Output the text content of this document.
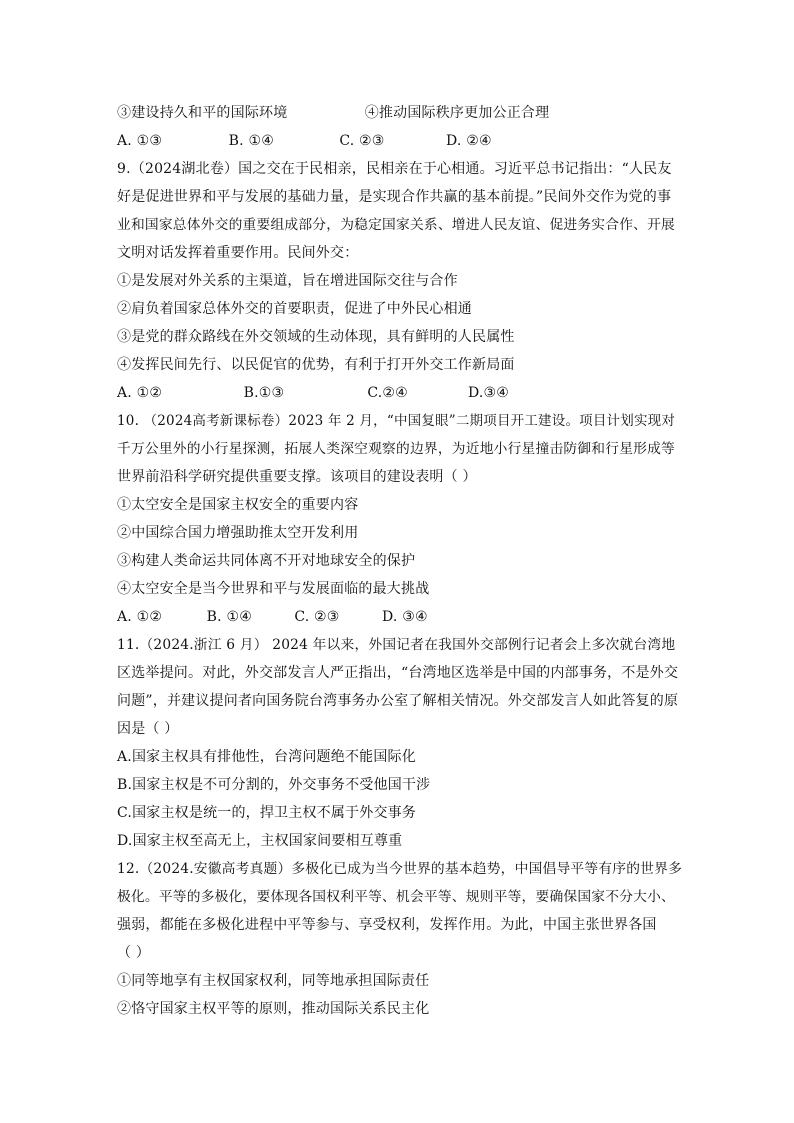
③建设持久和平的国际环境	④推动国际秩序更加公正合理
A. ①③	B. ①④	C. ②③	D. ②④
9.（2024湖北卷）国之交在于民相亲，民相亲在于心相通。习近平总书记指出：“人民友
好是促进世界和平与发展的基础力量，是实现合作共赢的基本前提。”民间外交作为党的事
业和国家总体外交的重要组成部分，为稳定国家关系、增进人民友谊、促进务实合作、开展
文明对话发挥着重要作用。民间外交：
①是发展对外关系的主渠道，旨在增进国际交往与合作
②肩负着国家总体外交的首要职责，促进了中外民心相通
③是党的群众路线在外交领域的生动体现，具有鲜明的人民属性
④发挥民间先行、以民促官的优势，有利于打开外交工作新局面
A. ①②	B.①③	C.②④	D.③④
10. （2024高考新课标卷）2023 年 2 月，“中国复眼”二期项目开工建设。项目计划实现对
千万公里外的小行星探测，拓展人类深空观察的边界，为近地小行星撞击防御和行星形成等
世界前沿科学研究提供重要支撑。该项目的建设表明（ ）
①太空安全是国家主权安全的重要内容
②中国综合国力增强助推太空开发利用
③构建人类命运共同体离不开对地球安全的保护
④太空安全是当今世界和平与发展面临的最大挑战
A. ①②	B. ①④	C. ②③	D. ③④
11.（2024.浙江 6 月） 2024 年以来，外国记者在我国外交部例行记者会上多次就台湾地
区选举提问。对此，外交部发言人严正指出，“台湾地区选举是中国的内部事务，不是外交
问题”，并建议提问者向国务院台湾事务办公室了解相关情况。外交部发言人如此答复的原
因是（ ）
A.国家主权具有排他性，台湾问题绝不能国际化
B.国家主权是不可分割的，外交事务不受他国干涉
C.国家主权是统一的，捍卫主权不属于外交事务
D.国家主权至高无上，主权国家间要相互尊重
12.（2024.安徽高考真题）多极化已成为当今世界的基本趋势，中国倡导平等有序的世界多
极化。平等的多极化，要体现各国权利平等、机会平等、规则平等，要确保国家不分大小、
强弱，都能在多极化进程中平等参与、享受权利，发挥作用。为此，中国主张世界各国
（ ）
①同等地享有主权国家权利，同等地承担国际责任
②恪守国家主权平等的原则，推动国际关系民主化
